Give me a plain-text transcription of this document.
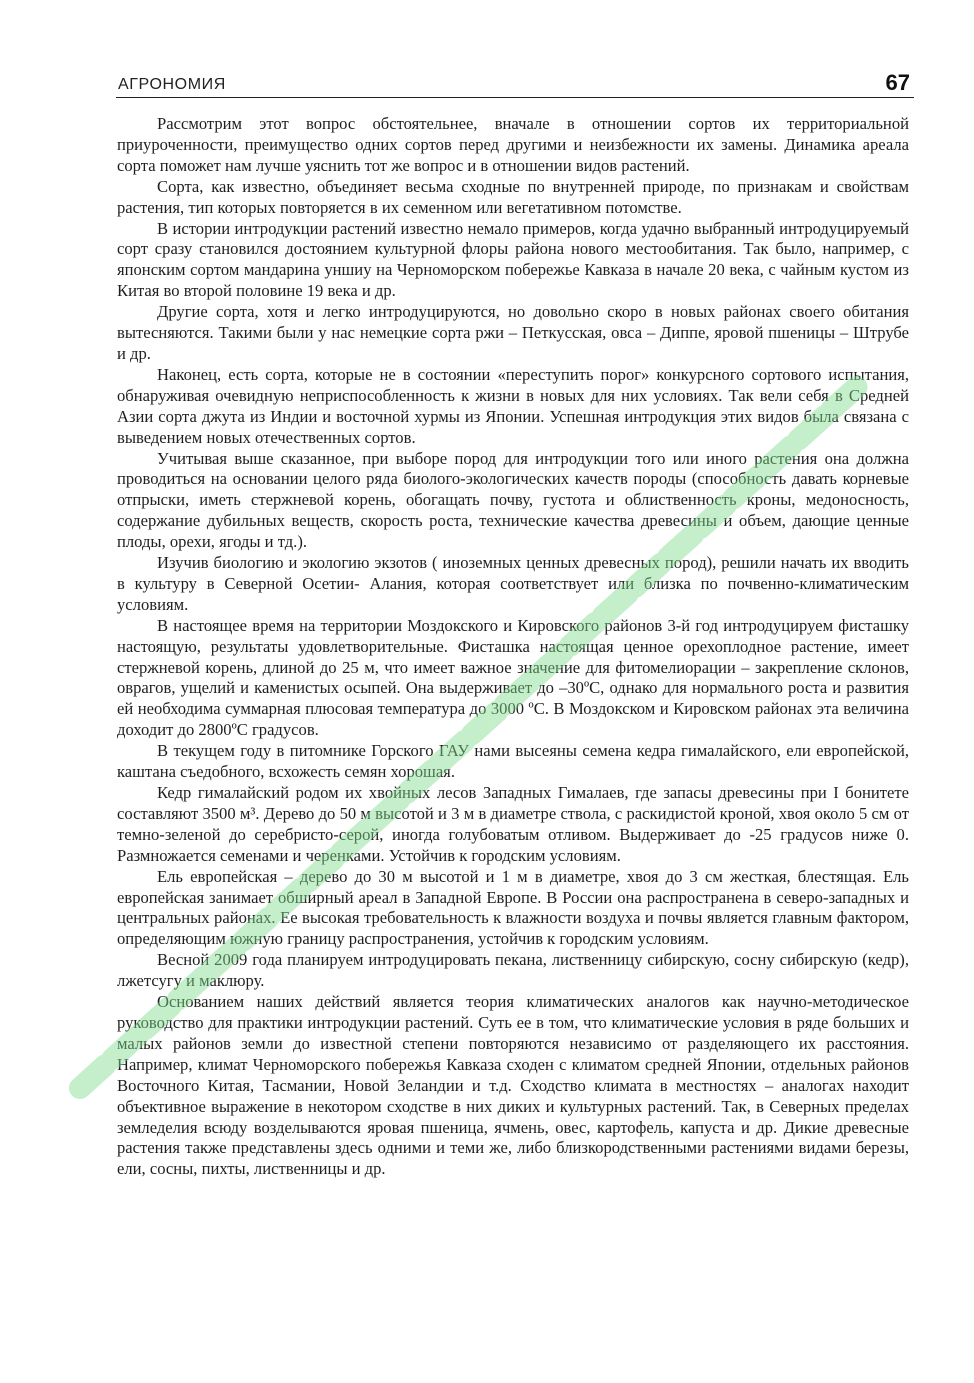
АГРОНОМИЯ	67

Рассмотрим этот вопрос обстоятельнее, вначале в отношении сортов их территориальной приуроченности, преимущество одних сортов перед другими и неизбежности их замены. Динамика ареала сорта поможет нам лучше уяснить тот же вопрос и в отношении видов растений.

Сорта, как известно, объединяет весьма сходные по внутренней природе, по признакам и свойствам растения, тип которых повторяется в их семенном или вегетативном потомстве.

В истории интродукции растений известно немало примеров, когда удачно выбранный интродуцируемый сорт сразу становился достоянием культурной флоры района нового местообитания. Так было, например, с японским сортом мандарина уншиу на Черноморском побережье Кавказа в начале 20 века, с чайным кустом из Китая во второй половине 19 века и др.

Другие сорта, хотя и легко интродуцируются, но довольно скоро в новых районах своего обитания вытесняются. Такими были у нас немецкие сорта ржи – Петкусская, овса – Диппе, яровой пшеницы – Штрубе и др.

Наконец, есть сорта, которые не в состоянии «переступить порог» конкурсного сортового испытания, обнаруживая очевидную неприспособленность к жизни в новых для них условиях. Так вели себя в Средней Азии сорта джута из Индии и восточной хурмы из Японии. Успешная интродукция этих видов была связана с выведением новых отечественных сортов.

Учитывая выше сказанное, при выборе пород для интродукции того или иного растения она должна проводиться на основании целого ряда биолого-экологических качеств породы (способность давать корневые отпрыски, иметь стержневой корень, обогащать почву, густота и облиственность кроны, медоносность, содержание дубильных веществ, скорость роста, технические качества древесины и объем, дающие ценные плоды, орехи, ягоды и тд.).

Изучив биологию и экологию экзотов ( иноземных ценных древесных пород), решили начать их вводить в культуру в Северной Осетии- Алания, которая соответствует или близка по почвенно-климатическим условиям.

В настоящее время на территории Моздокского и Кировского районов 3-й год интродуцируем фисташку настоящую, результаты удовлетворительные. Фисташка настоящая ценное орехоплодное растение, имеет стержневой корень, длиной до 25 м, что имеет важное значение для фитомелиорации – закрепление склонов, оврагов, ущелий и каменистых осыпей. Она выдерживает до –30ºС, однако для нормального роста и развития ей необходима суммарная плюсовая температура до 3000 ºС. В Моздокском и Кировском районах эта величина доходит до 2800ºС градусов.

В текущем году в питомнике Горского ГАУ нами высеяны семена кедра гималайского, ели европейской, каштана съедобного, всхожесть семян хорошая.

Кедр гималайский родом их хвойных лесов Западных Гималаев, где запасы древесины при I бонитете составляют 3500 м³. Дерево до 50 м высотой и 3 м в диаметре ствола, с раскидистой кроной, хвоя около 5 см от темно-зеленой до серебристо-серой, иногда голубоватым отливом. Выдерживает до -25 градусов ниже 0. Размножается семенами и черенками. Устойчив к городским условиям.

Ель европейская – дерево до 30 м высотой и 1 м в диаметре, хвоя до 3 см жесткая, блестящая. Ель европейская занимает обширный ареал в Западной Европе. В России она распространена в северо-западных и центральных районах. Ее высокая требовательность к влажности воздуха и почвы является главным фактором, определяющим южную границу распространения, устойчив к городским условиям.

Весной 2009 года планируем интродуцировать пекана, лиственницу сибирскую, сосну сибирскую (кедр), лжетсугу и маклюру.

Основанием наших действий является теория климатических аналогов как научно-методическое руководство для практики интродукции растений. Суть ее в том, что климатические условия в ряде больших и малых районов земли до известной степени повторяются независимо от разделяющего их расстояния. Например, климат Черноморского побережья Кавказа сходен с климатом средней Японии, отдельных районов Восточного Китая, Тасмании, Новой Зеландии и т.д. Сходство климата в местностях – аналогах находит объективное выражение в некотором сходстве в них диких и культурных растений. Так, в Северных пределах земледелия всюду возделываются яровая пшеница, ячмень, овес, картофель, капуста и др. Дикие древесные растения также представлены здесь одними и теми же, либо близкородственными растениями видами березы, ели, сосны, пихты, лиственницы и др.
